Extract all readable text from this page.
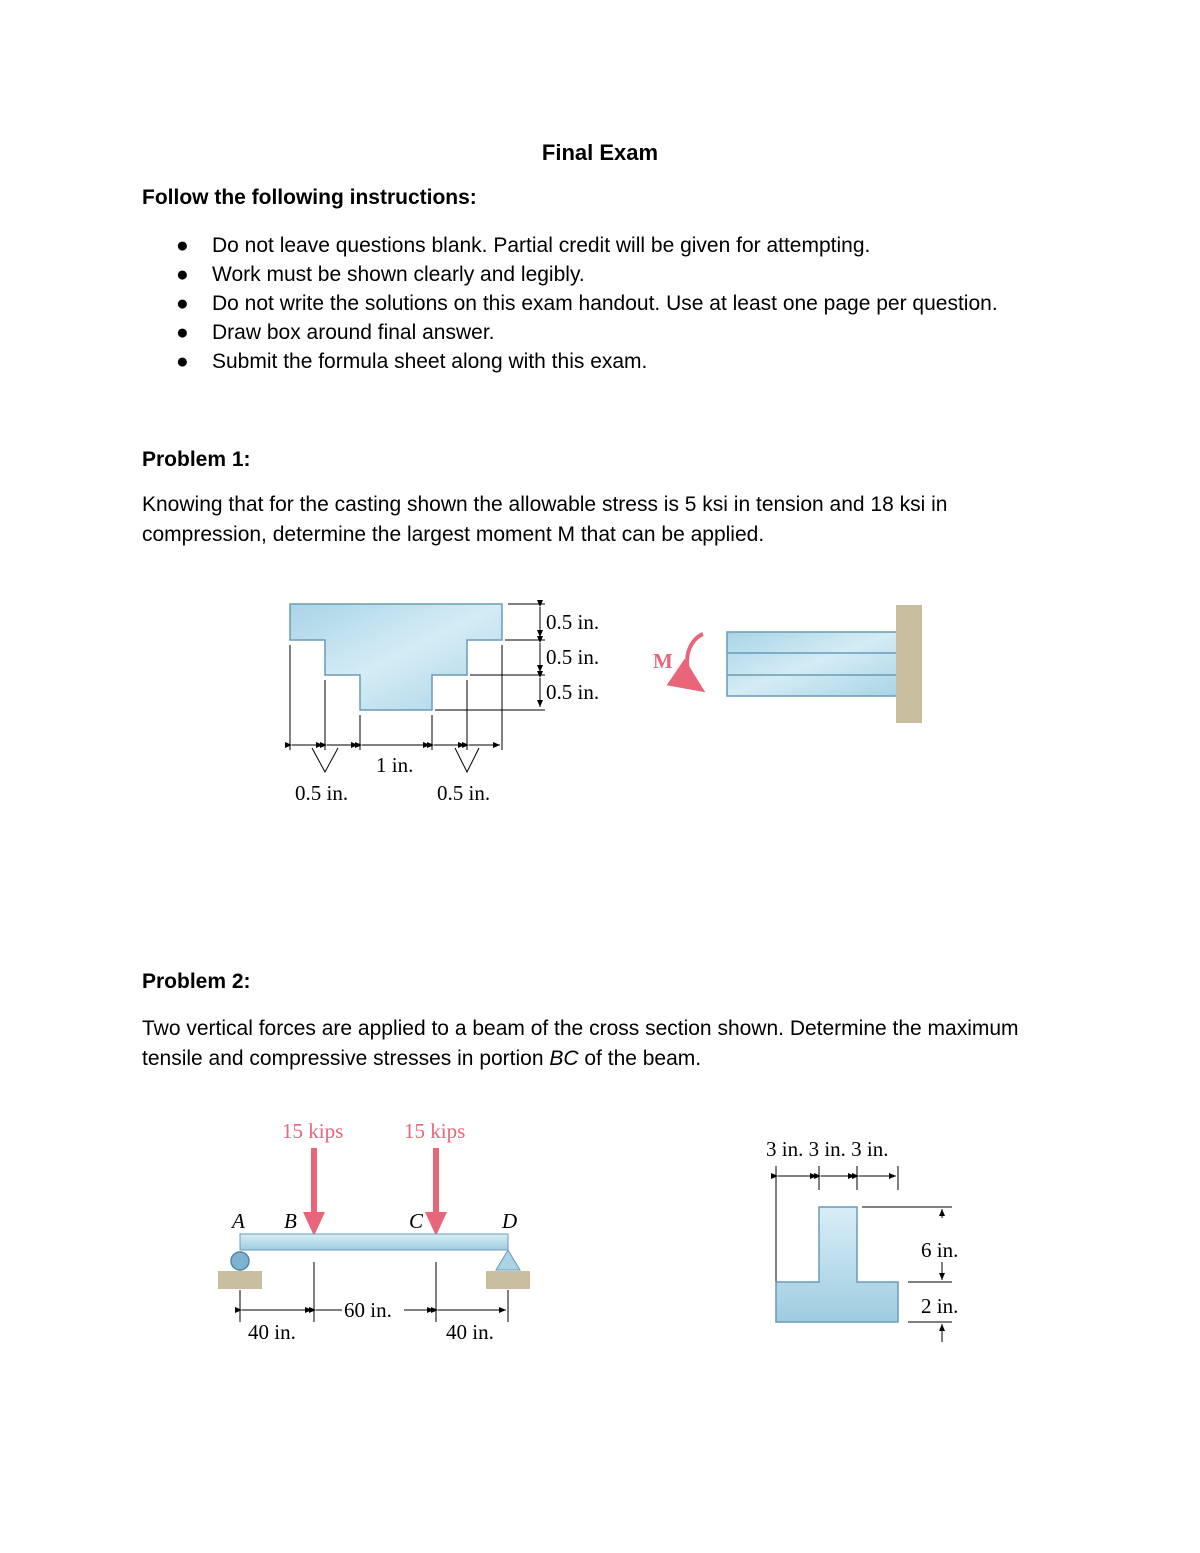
Final Exam
Follow the following instructions:
● Do not leave questions blank. Partial credit will be given for attempting.
● Work must be shown clearly and legibly.
● Do not write the solutions on this exam handout. Use at least one page per question.
● Draw box around final answer.
● Submit the formula sheet along with this exam.
Problem 1:
Knowing that for the casting shown the allowable stress is 5 ksi in tension and 18 ksi in compression, determine the largest moment M that can be applied.
0.5 in.
0.5 in.
0.5 in.
0.5 in.
1 in.
0.5 in.
M
Problem 2:
Two vertical forces are applied to a beam of the cross section shown. Determine the maximum tensile and compressive stresses in portion BC of the beam.
15 kips	15 kips
A B	C	D
40 in.
60 in.
40 in.
3 in. 3 in. 3 in.
6 in.
2 in.
